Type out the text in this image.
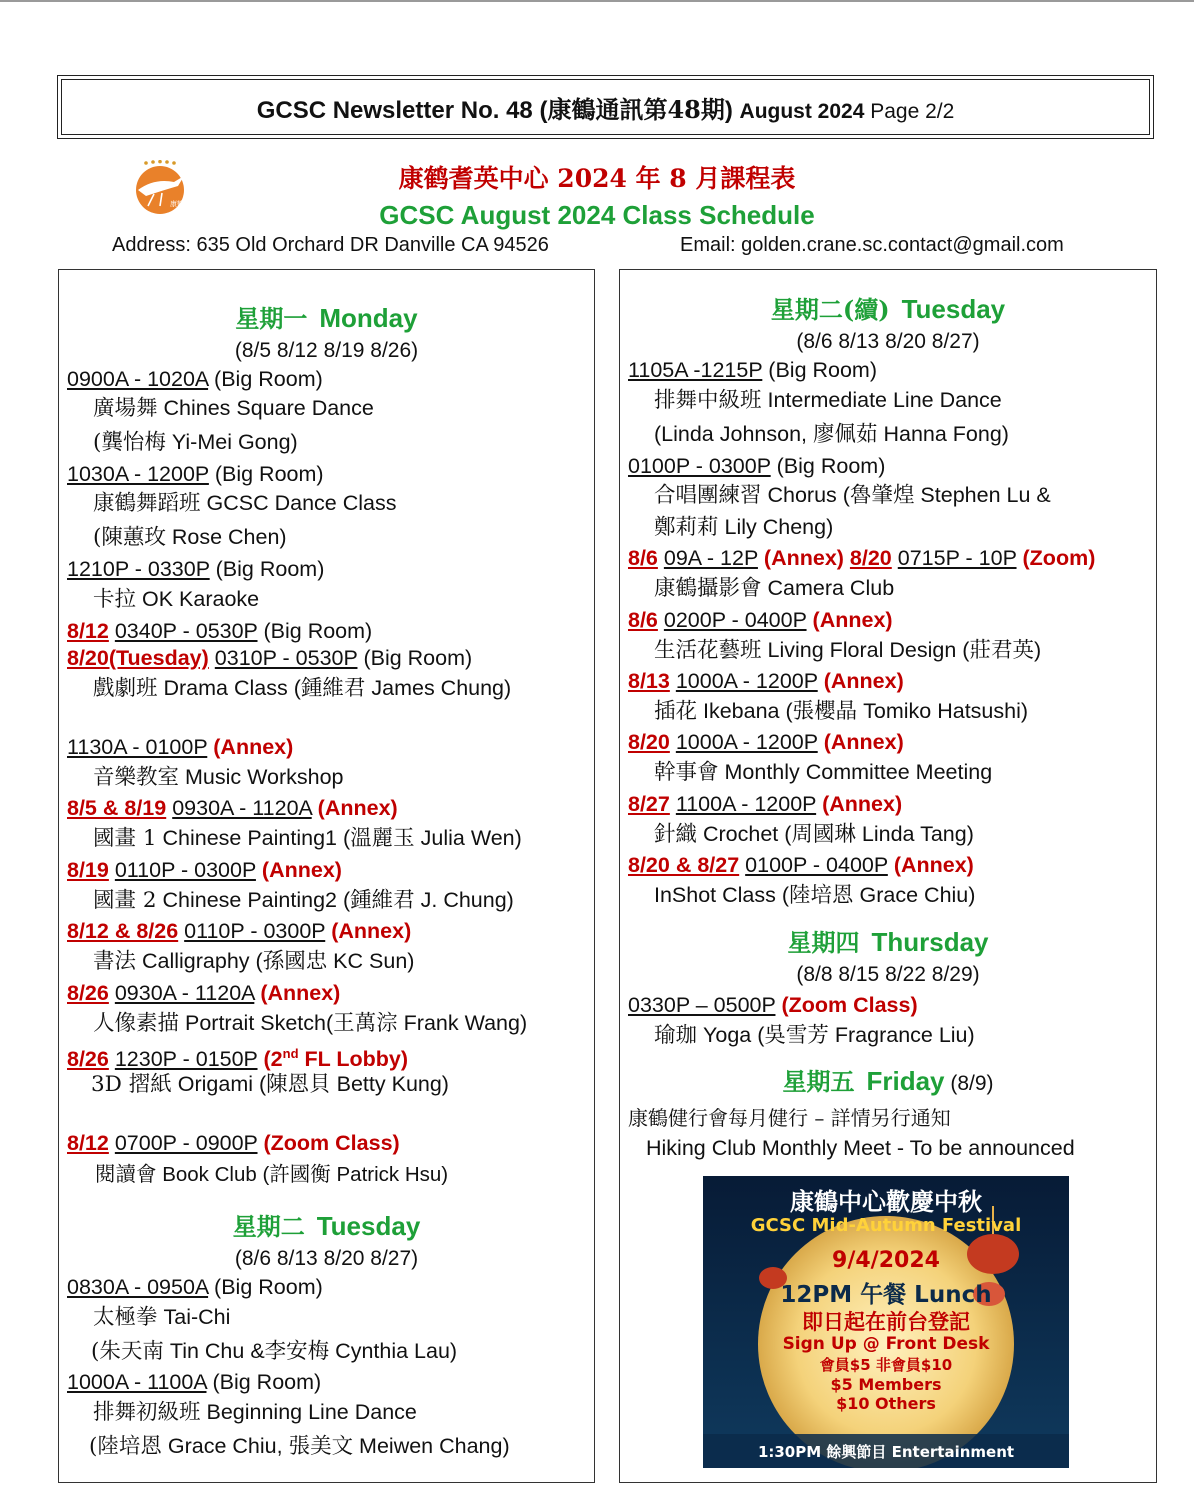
GCSC Newsletter No. 48 (康鶴通訊第48期) August 2024 Page 2/2
康鶴
康鹤耆英中心 2024 年 8 月課程表
GCSC August 2024 Class Schedule
Address: 635 Old Orchard DR Danville CA 94526	Email: golden.crane.sc.contact@gmail.com
星期一 Monday
(8/5 8/12 8/19 8/26)
0900A - 1020A (Big Room)
廣場舞 Chines Square Dance
(龔怡梅 Yi-Mei Gong)
1030A - 1200P (Big Room)
康鶴舞蹈班 GCSC Dance Class
(陳蕙玫 Rose Chen)
1210P - 0330P (Big Room)
卡拉 OK Karaoke
8/12 0340P - 0530P (Big Room)
8/20(Tuesday) 0310P - 0530P (Big Room)
戲劇班 Drama Class (鍾維君 James Chung)
1130A - 0100P (Annex)
音樂教室 Music Workshop
8/5 & 8/19 0930A - 1120A (Annex)
國畫 1 Chinese Painting1 (溫麗玉 Julia Wen)
8/19 0110P - 0300P (Annex)
國畫 2 Chinese Painting2 (鍾維君 J. Chung)
8/12 & 8/26 0110P - 0300P (Annex)
書法 Calligraphy (孫國忠 KC Sun)
8/26 0930A - 1120A (Annex)
人像素描 Portrait Sketch(王萬淙 Frank Wang)
8/26 1230P - 0150P (2nd FL Lobby)
3D 摺紙 Origami (陳恩貝 Betty Kung)
8/12 0700P - 0900P (Zoom Class)
閱讀會 Book Club (許國衡 Patrick Hsu)
星期二 Tuesday
(8/6 8/13 8/20 8/27)
0830A - 0950A (Big Room)
太極拳 Tai-Chi
(朱天南 Tin Chu &李安梅 Cynthia Lau)
1000A - 1100A (Big Room)
排舞初級班 Beginning Line Dance
(陸培恩 Grace Chiu, 張美文 Meiwen Chang)
星期二(續) Tuesday
(8/6 8/13 8/20 8/27)
1105A -1215P (Big Room)
排舞中級班 Intermediate Line Dance
(Linda Johnson, 廖佩茹 Hanna Fong)
0100P - 0300P (Big Room)
合唱團練習 Chorus (魯肇煌 Stephen Lu &
鄭莉莉 Lily Cheng)
8/6 09A - 12P (Annex) 8/20 0715P - 10P (Zoom)
康鶴攝影會 Camera Club
8/6 0200P - 0400P (Annex)
生活花藝班 Living Floral Design (莊君英)
8/13 1000A - 1200P (Annex)
插花 Ikebana (張櫻晶 Tomiko Hatsushi)
8/20 1000A - 1200P (Annex)
幹事會 Monthly Committee Meeting
8/27 1100A - 1200P (Annex)
針織 Crochet (周國琳 Linda Tang)
8/20 & 8/27 0100P - 0400P (Annex)
InShot Class (陸培恩 Grace Chiu)
星期四 Thursday
(8/8 8/15 8/22 8/29)
0330P – 0500P (Zoom Class)
瑜珈 Yoga (吳雪芳 Fragrance Liu)
星期五 Friday (8/9)
康鶴健行會每月健行 – 詳情另行通知
Hiking Club Monthly Meet - To be announced
康鶴中心歡慶中秋
GCSC Mid-Autumn Festival
9/4/2024
12PM 午餐 Lunch
即日起在前台登記
Sign Up @ Front Desk
會員$5 非會員$10
$5 Members
$10 Others
1:30PM 餘興節目 Entertainment
